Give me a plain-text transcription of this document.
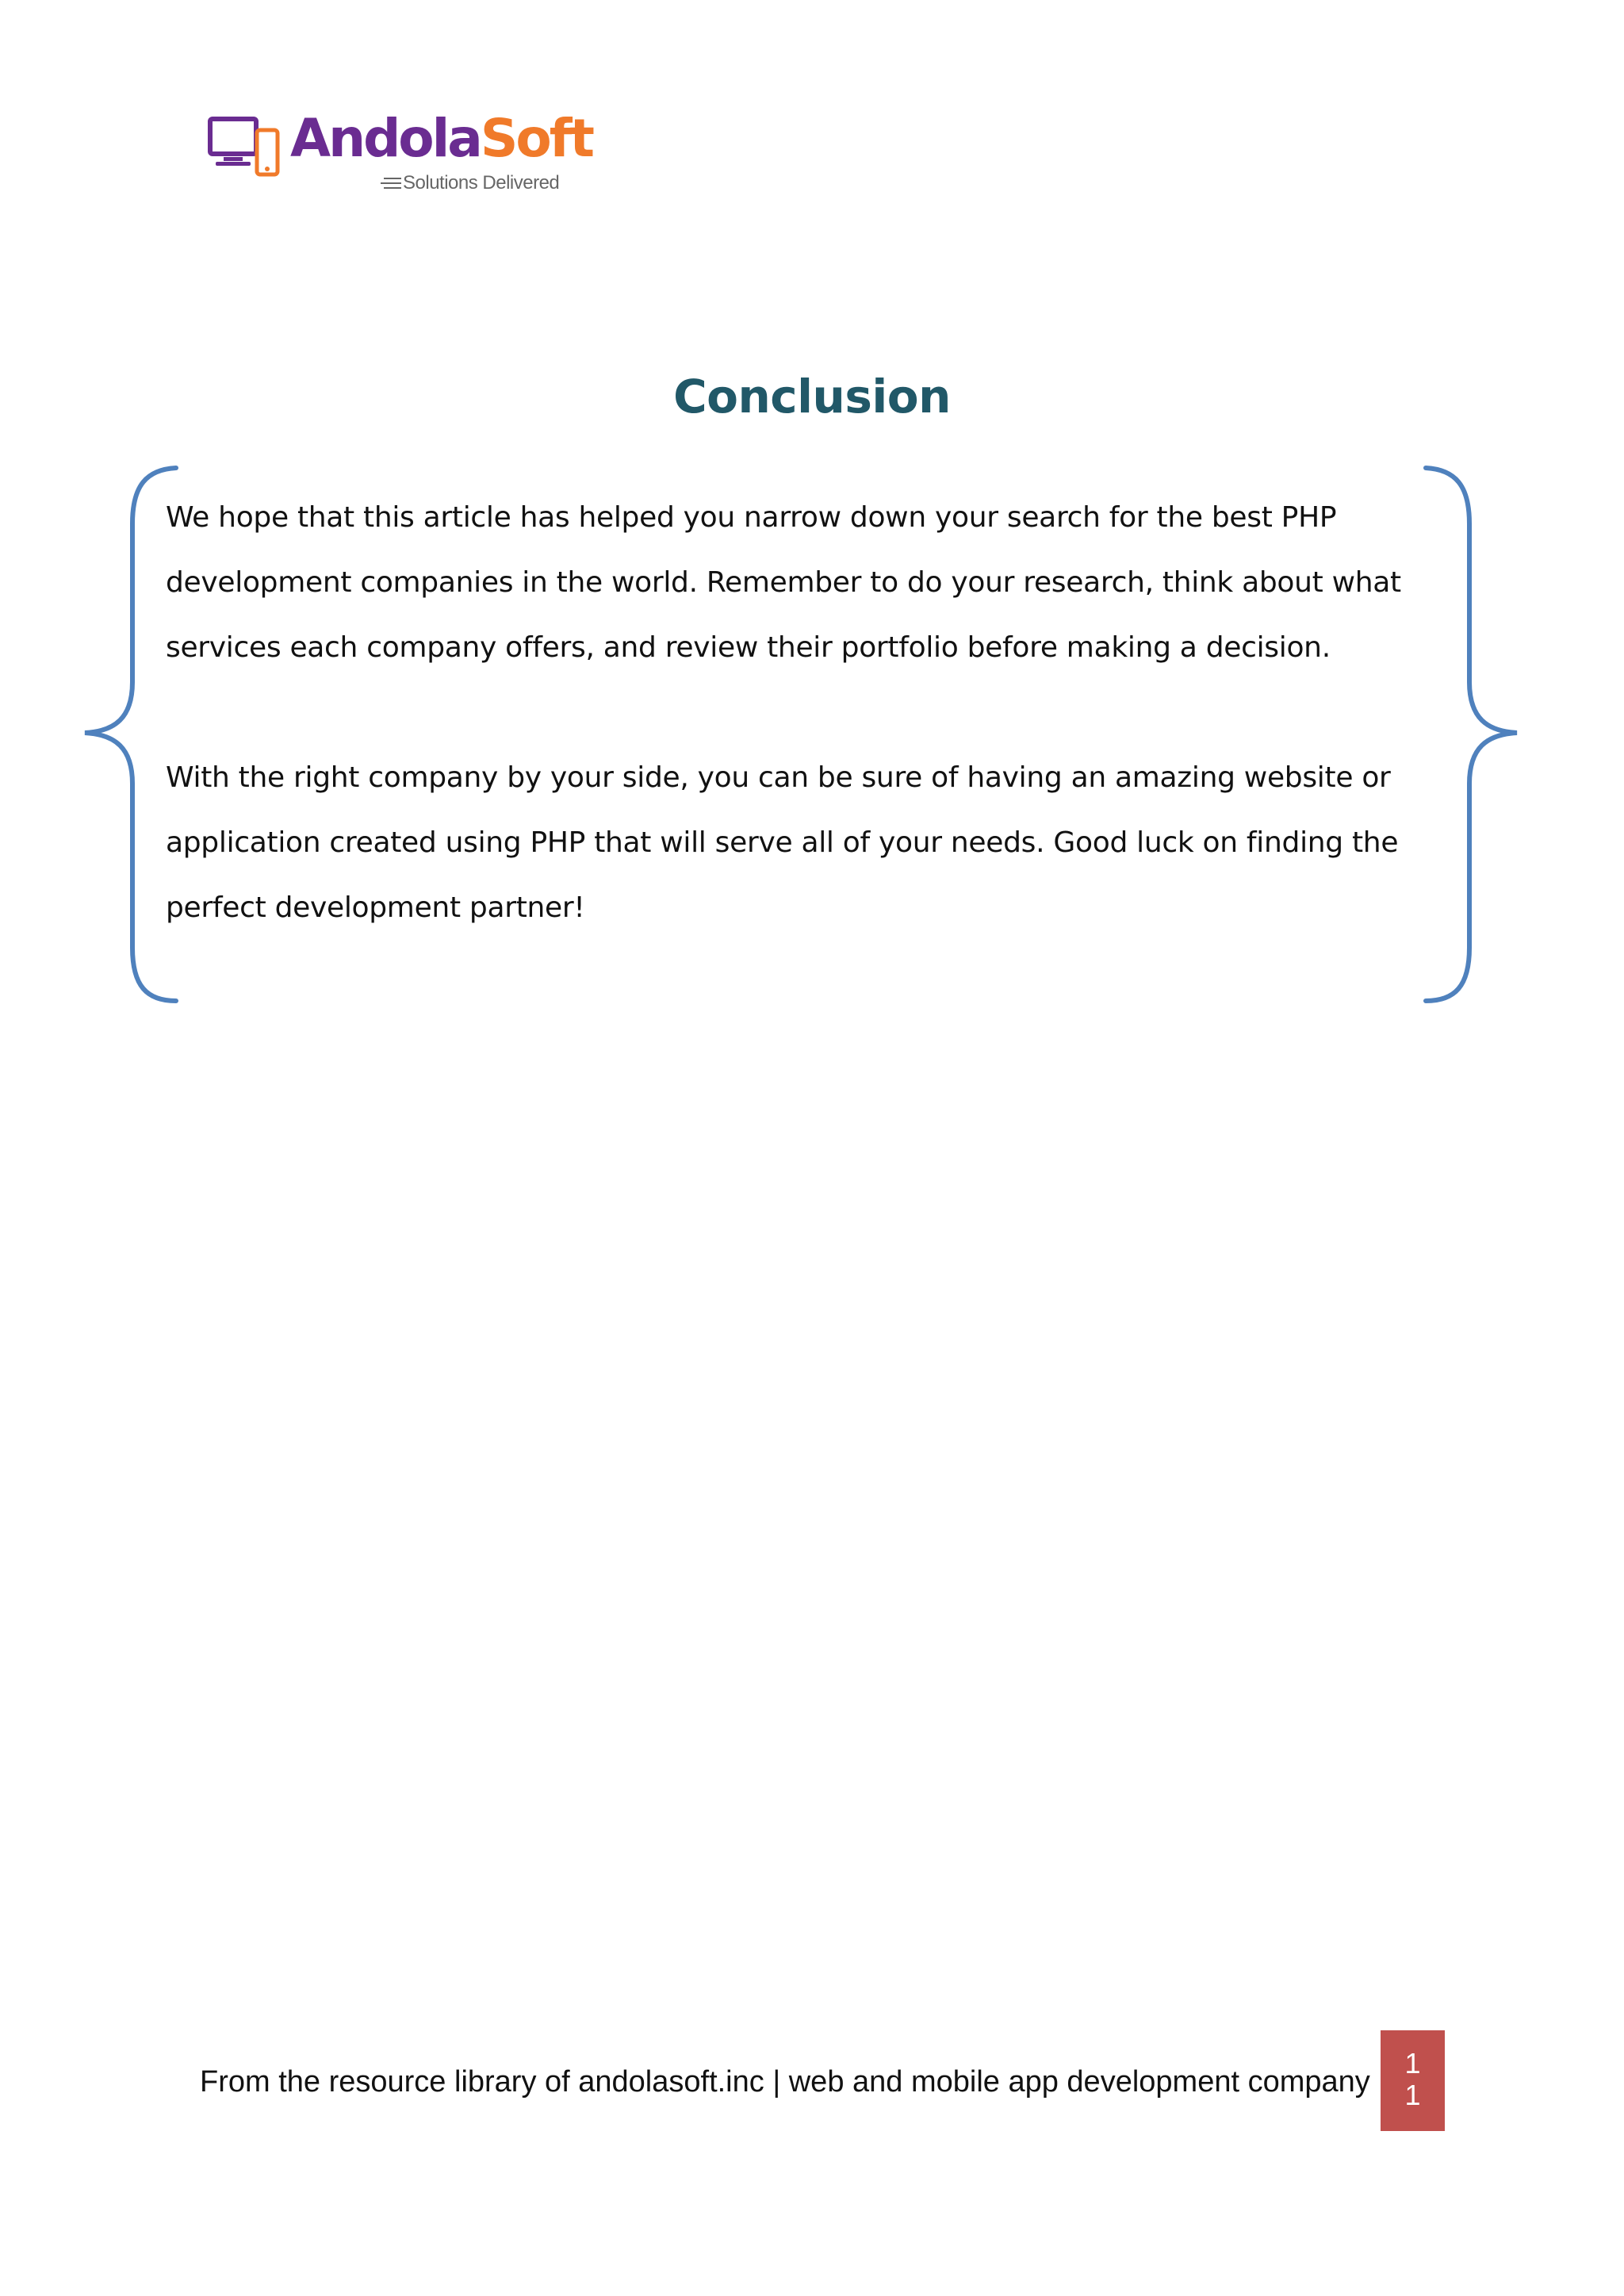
AndolaSoft
Solutions Delivered
Conclusion

We hope that this article has helped you narrow down your search for the best PHP development companies in the world. Remember to do your research, think about what services each company offers, and review their portfolio before making a decision.

With the right company by your side, you can be sure of having an amazing website or application created using PHP that will serve all of your needs. Good luck on finding the perfect development partner!

From the resource library of andolasoft.inc | web and mobile app development company
11
